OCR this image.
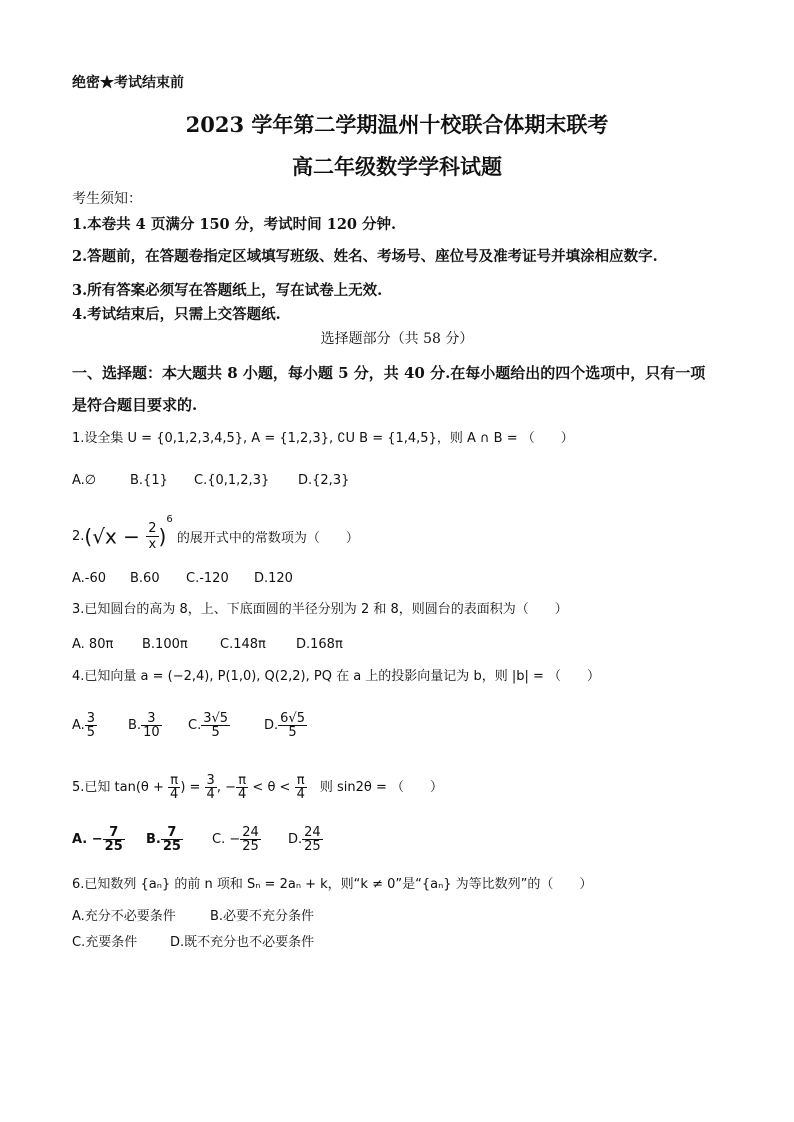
绝密★考试结束前
2023 学年第二学期温州十校联合体期末联考
高二年级数学学科试题
考生须知：
1.本卷共 4 页满分 150 分，考试时间 120 分钟.
2.答题前，在答题卷指定区域填写班级、姓名、考场号、座位号及准考证号并填涂相应数字.
3.所有答案必须写在答题纸上，写在试卷上无效.
4.考试结束后，只需上交答题纸.
选择题部分（共 58 分）
一、选择题：本大题共 8 小题，每小题 5 分，共 40 分.在每小题给出的四个选项中，只有一项
是符合题目要求的.
1.设全集 U = {0,1,2,3,4,5}, A = {1,2,3}, ∁U B = {1,4,5}，则 A ∩ B = （　　）
A.∅	B.{1} C.{0,1,2,3} D.{2,3}
$2.(√x - \frac{2}{x} )^6$ 的展开式中的常数项为（　　）
A.-60 B.60 C.-120 D.120
3.已知圆台的高为 8，上、下底面圆的半径分别为 2 和 8，则圆台的表面积为（　　）
A. 80π B.100π C.148π D.168π
4.已知向量 a = (−2,4), P(1,0), Q(2,2), PQ 在 a 上的投影向量记为 b，则 |b| = （　　）
A. $\frac{3}{5} B$. $\frac{3}{10} C$. $\frac{3√5}{5}$	D. $\frac{6√5}{5}$
5.已知 $\tan(\theta + \frac{\pi}{4}$ ) = $\frac{3}{4}$ , − $\frac{\pi}{4} < \theta < \frac{\pi}{4}$ 　则 sin2θ = （　　）
A. − $\frac{7}{25} B$. $\frac{7}{25} C$. − $\frac{24}{25} D$. $\frac{24}{25}$
6.已知数列 {aₙ} 的前 n 项和 Sₙ = 2aₙ + k，则“k ≠ 0”是“{aₙ} 为等比数列”的（　　）
A.充分不必要条件	B.必要不充分条件
C.充要条件	D.既不充分也不必要条件
